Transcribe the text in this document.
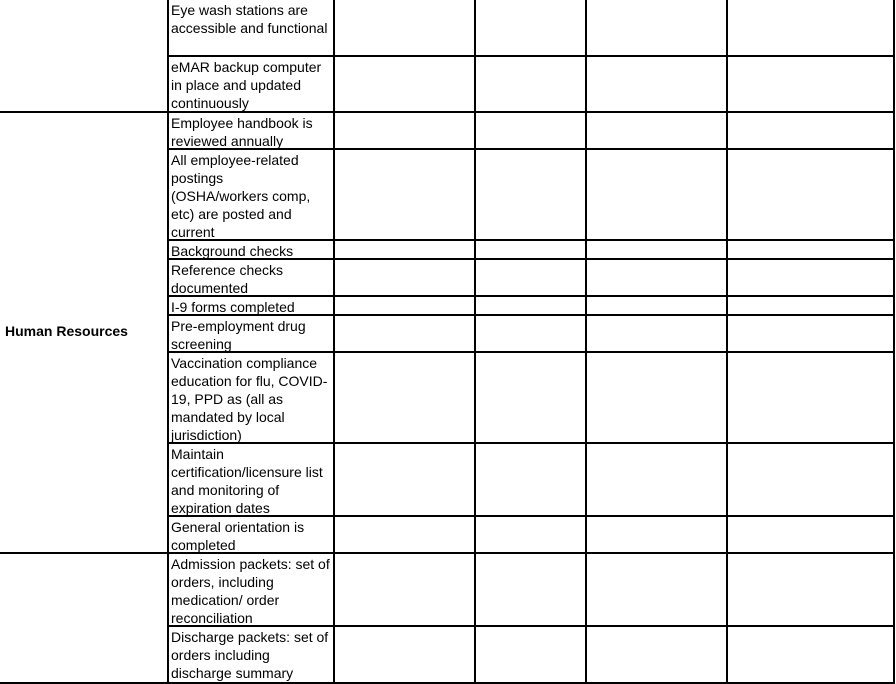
Eye wash stations are
accessible and functional
eMAR backup computer
in place and updated
continuously
Employee handbook is
reviewed annually
All employee-related
postings
(OSHA/workers comp,
etc) are posted and
current
Background checks
Reference checks
documented
I-9 forms completed
Pre-employment drug
screening
Vaccination compliance
education for flu, COVID-
19, PPD as (all as
mandated by local
jurisdiction)
Maintain
certification/licensure list
and monitoring of
expiration dates
General orientation is
completed
Admission packets: set of
orders, including
medication/ order
reconciliation
Discharge packets: set of
orders including
discharge summary
Human Resources
